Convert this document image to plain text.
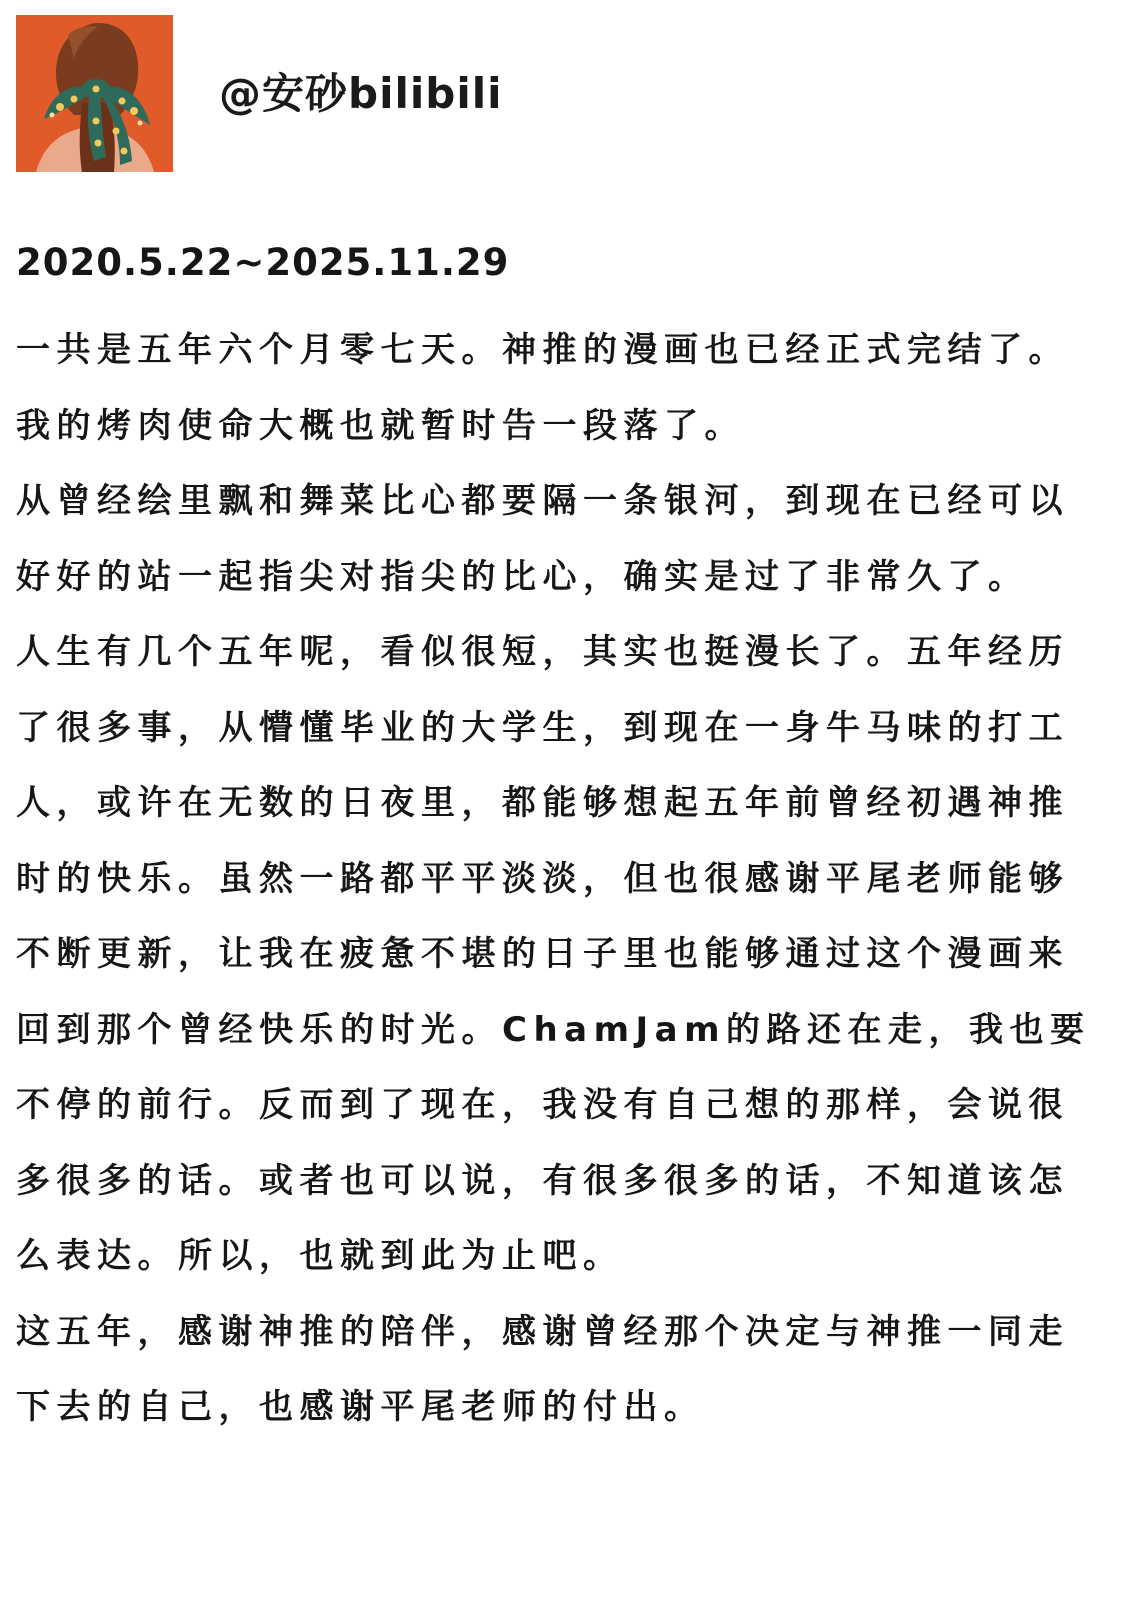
@安砂bilibili
2020.5.22~2025.11.29
一共是五年六个月零七天。神推的漫画也已经正式完结了。
我的烤肉使命大概也就暂时告一段落了。
从曾经绘里飘和舞菜比心都要隔一条银河，到现在已经可以
好好的站一起指尖对指尖的比心，确实是过了非常久了。
人生有几个五年呢，看似很短，其实也挺漫长了。五年经历
了很多事，从懵懂毕业的大学生，到现在一身牛马味的打工
人，或许在无数的日夜里，都能够想起五年前曾经初遇神推
时的快乐。虽然一路都平平淡淡，但也很感谢平尾老师能够
不断更新，让我在疲惫不堪的日子里也能够通过这个漫画来
回到那个曾经快乐的时光。ChamJam的路还在走，我也要
不停的前行。反而到了现在，我没有自己想的那样，会说很
多很多的话。或者也可以说，有很多很多的话，不知道该怎
么表达。所以，也就到此为止吧。
这五年，感谢神推的陪伴，感谢曾经那个决定与神推一同走
下去的自己，也感谢平尾老师的付出。
